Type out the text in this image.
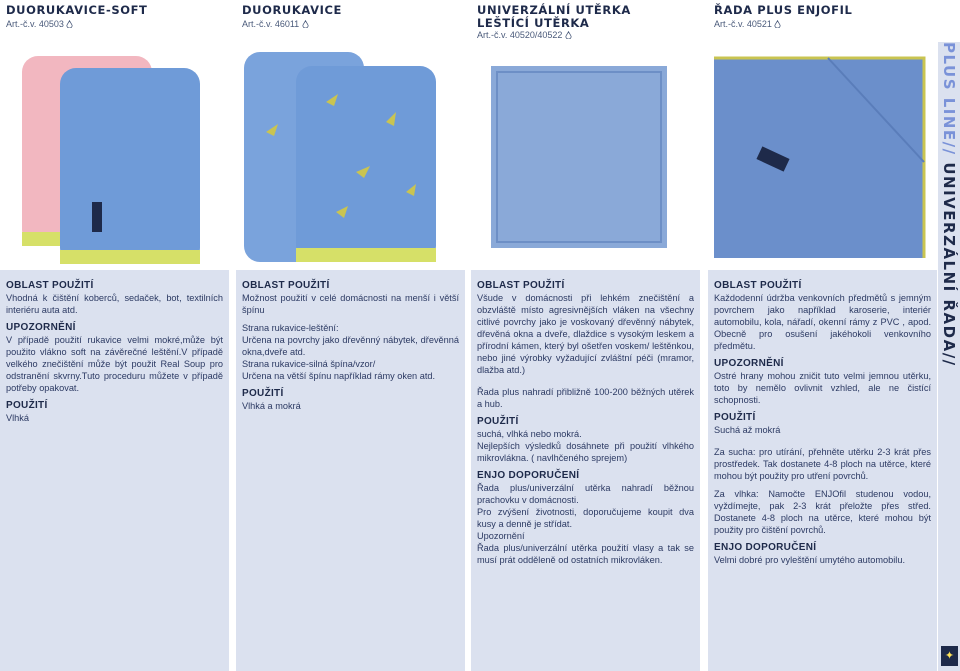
DUORUKAVICE-SOFT
Art.-č.v. 40503
OBLAST POUŽITÍ

Vhodná k čištění koberců, sedaček, bot, textilních interiéru auta atd.

UPOZORNĚNÍ

V případě použití rukavice velmi mokré,může být použito vlákno soft na závěrečné leštění.V případě velkého znečištění může být použit Real Soup pro odstranění skvrny.Tuto proceduru můžete v případě potřeby opakovat.

POUŽITÍ

Vlhká

DUORUKAVICE
Art.-č.v. 46011
OBLAST POUŽITÍ

Možnost použití v celé domácnosti na menší i větší špínu

Strana rukavice-leštění:
Určena na povrchy jako dřevěnný nábytek, dřevěnná okna,dveře atd.
Strana rukavice-silná špína/vzor/
Určena na větší špínu například rámy oken atd.

POUŽITÍ

Vlhká a mokrá

UNIVERZÁLNÍ UTĚRKA
LEŠTÍCÍ UTĚRKA
Art.-č.v. 40520/40522
OBLAST POUŽITÍ

Všude v domácnosti při lehkém znečištění a obzvláště místo agresivnějších vláken na všechny citlivé povrchy jako je voskovaný dřevěnný nábytek, dřevěná okna a dveře, dlaždice s vysokým leskem a přírodní kámen, který byl ošetřen voskem/ leštěnkou, nebo jiné výrobky vyžadující zvláštní péči (mramor, dlažba atd.)

Řada plus nahradí přibližně 100-200 běžných utěrek a hub.

POUŽITÍ

suchá, vlhká nebo mokrá.
Nejlepších výsledků dosáhnete při použití vlhkého mikrovlákna. ( navlhčeného sprejem)

ENJO DOPORUČENÍ

Řada plus/univerzální utěrka nahradí běžnou prachovku v domácnosti.
Pro zvýšení životnosti, doporučujeme koupit dva kusy a denně je střídat.
Upozornění
Řada plus/univerzální utěrka použití vlasy a tak se musí prát odděleně od ostatních mikrovláken.

ŘADA PLUS ENJOFIL
Art.-č.v. 40521
OBLAST POUŽITÍ

Každodenní údržba venkovních předmětů s jemným povrchem jako například karoserie, interiér automobilu, kola, nářadí, okenní rámy z PVC , apod. Obecně pro osušení jakéhokoli venkovního předmětu.

UPOZORNĚNÍ

Ostré hrany mohou zničit tuto velmi jemnou utěrku, toto by nemělo ovlivnit vzhled, ale ne čistící schopnosti.

POUŽITÍ

Suchá až mokrá

Za sucha: pro utírání, přehněte utěrku 2-3 krát přes prostředek. Tak dostanete 4-8 ploch na utěrce, které mohou být použity pro utření povrchů.

Za vlhka: Namočte ENJOfil studenou vodou, vyždímejte, pak 2-3 krát přeložte přes střed. Dostanete 4-8 ploch na utěrce, které mohou být použity pro čištění povrchů.

ENJO DOPORUČENÍ

Velmi dobré pro vyleštění umytého automobilu.

PLUS LINE// UNIVERZÁLNÍ ŘADA//
✦
